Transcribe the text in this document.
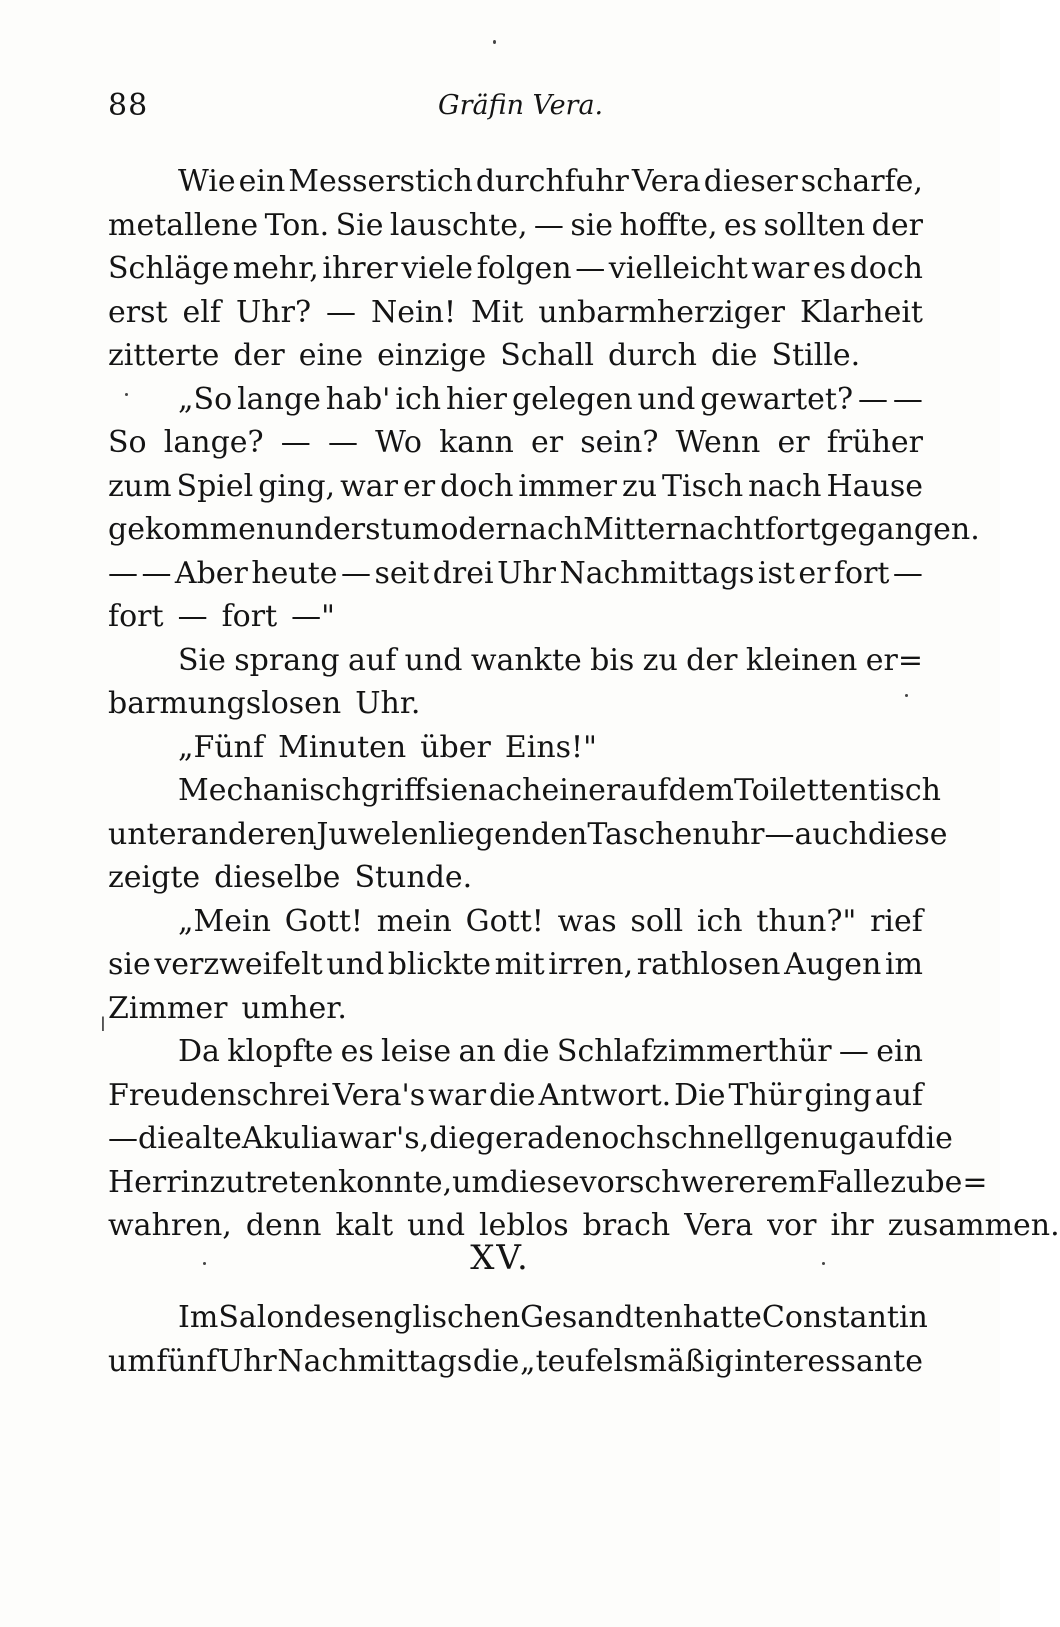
88	Gräfin Vera.
Wie ein Messerstich durchfuhr Vera dieser scharfe,
metallene Ton. Sie lauschte, — sie hoffte, es sollten der
Schläge mehr, ihrer viele folgen — vielleicht war es doch
erst elf Uhr? — Nein! Mit unbarmherziger Klarheit
zitterte der eine einzige Schall durch die Stille.
„So lange hab' ich hier gelegen und gewartet? — —
So lange? — — Wo kann er sein? Wenn er früher
zum Spiel ging, war er doch immer zu Tisch nach Hause
gekommen und erst um oder nach Mitternacht fortgegangen.
— — Aber heute — seit drei Uhr Nachmittags ist er fort —
fort — fort —"
Sie sprang auf und wankte bis zu der kleinen er=
barmungslosen Uhr.
„Fünf Minuten über Eins!"
Mechanisch griff sie nach einer auf dem Toilettentisch
unter anderen Juwelen liegenden Taschenuhr — auch diese
zeigte dieselbe Stunde.
„Mein Gott! mein Gott! was soll ich thun?" rief
sie verzweifelt und blickte mit irren, rathlosen Augen im
Zimmer umher.
Da klopfte es leise an die Schlafzimmerthür — ein
Freudenschrei Vera's war die Antwort. Die Thür ging auf
— die alte Akulia war's, die gerade noch schnell genug auf die
Herrin zutreten konnte, um diese vor schwererem Falle zu be=
wahren, denn kalt und leblos brach Vera vor ihr zusammen.
XV.
Im Salon des englischen Gesandten hatte Constantin
um fünf Uhr Nachmittags die „teufelsmäßig interessante
ǀ
